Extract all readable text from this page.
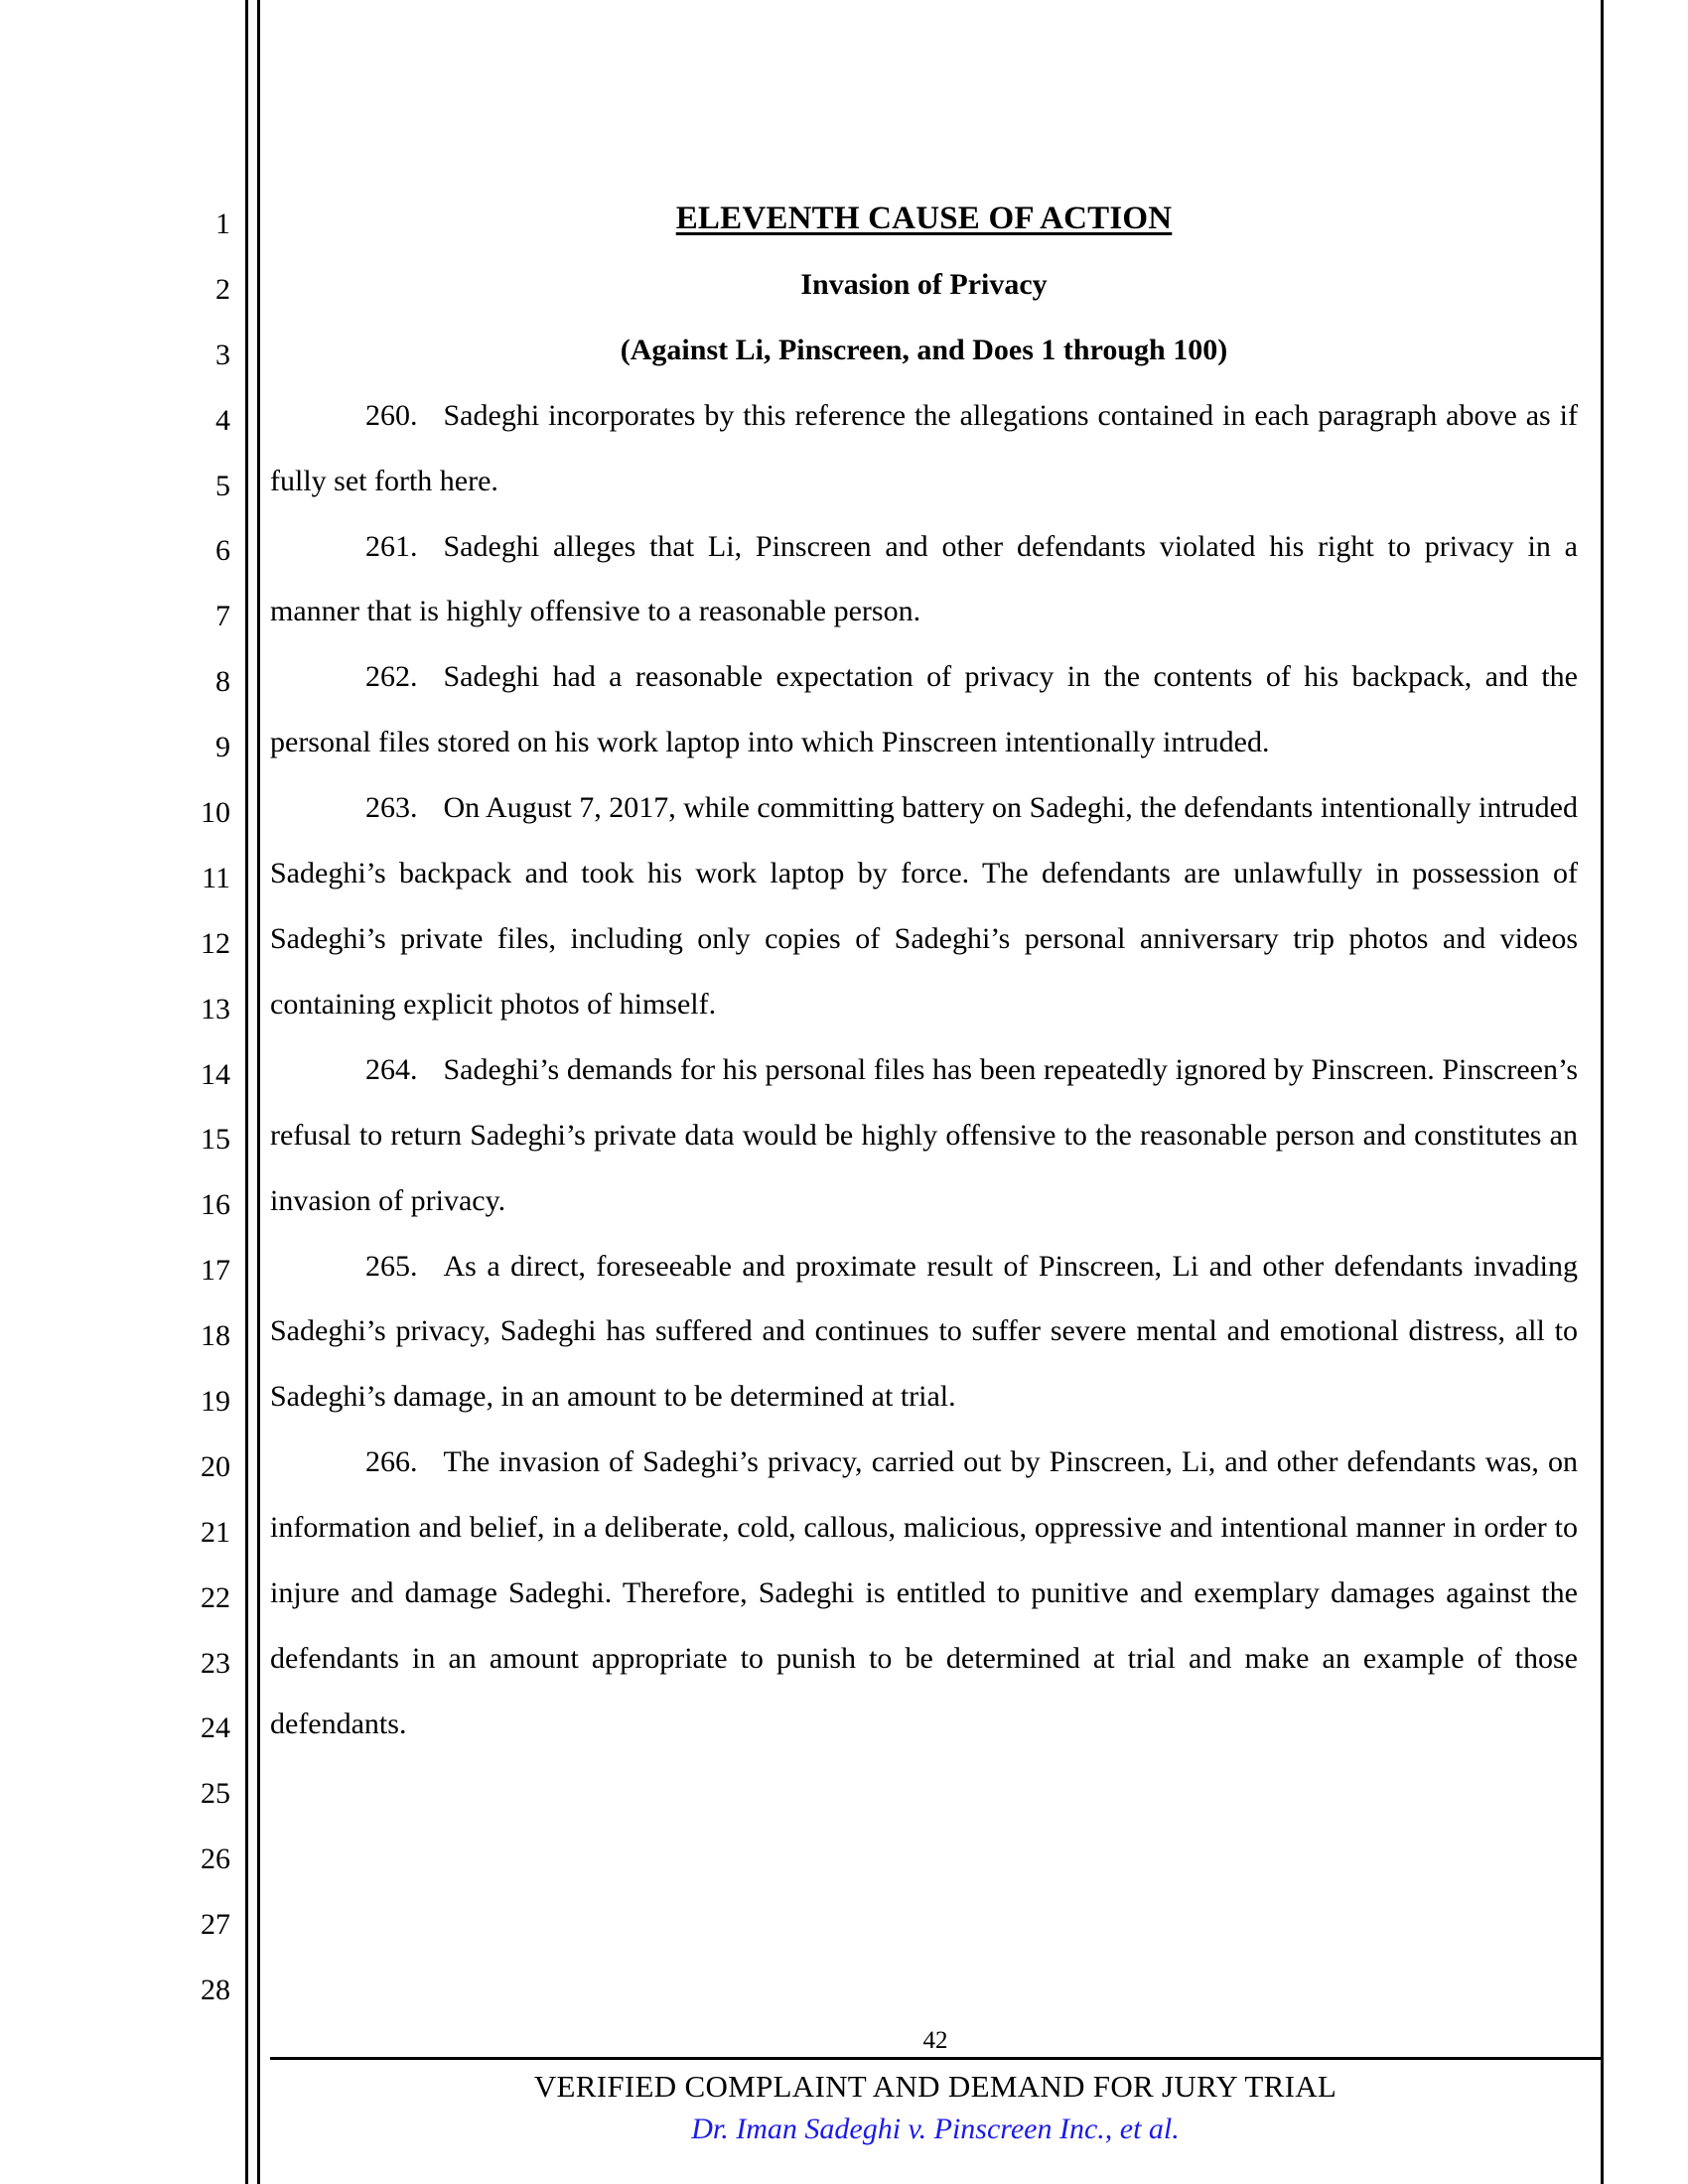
1
2
3
4
5
6
7
8
9
10
11
12
13
14
15
16
17
18
19
20
21
22
23
24
25
26
27
28
ELEVENTH CAUSE OF ACTION
Invasion of Privacy
(Against Li, Pinscreen, and Does 1 through 100)

260. Sadeghi incorporates by this reference the allegations contained in each paragraph above as if fully set forth here.

261. Sadeghi alleges that Li, Pinscreen and other defendants violated his right to privacy in a manner that is highly offensive to a reasonable person.

262. Sadeghi had a reasonable expectation of privacy in the contents of his backpack, and the personal files stored on his work laptop into which Pinscreen intentionally intruded.

263. On August 7, 2017, while committing battery on Sadeghi, the defendants intentionally intruded Sadeghi’s backpack and took his work laptop by force. The defendants are unlawfully in possession of Sadeghi’s private files, including only copies of Sadeghi’s personal anniversary trip photos and videos containing explicit photos of himself.

264. Sadeghi’s demands for his personal files has been repeatedly ignored by Pinscreen. Pinscreen’s refusal to return Sadeghi’s private data would be highly offensive to the reasonable person and constitutes an invasion of privacy.

265. As a direct, foreseeable and proximate result of Pinscreen, Li and other defendants invading Sadeghi’s privacy, Sadeghi has suffered and continues to suffer severe mental and emotional distress, all to Sadeghi’s damage, in an amount to be determined at trial.

266. The invasion of Sadeghi’s privacy, carried out by Pinscreen, Li, and other defendants was, on information and belief, in a deliberate, cold, callous, malicious, oppressive and intentional manner in order to injure and damage Sadeghi. Therefore, Sadeghi is entitled to punitive and exemplary damages against the defendants in an amount appropriate to punish to be determined at trial and make an example of those defendants.

42
VERIFIED COMPLAINT AND DEMAND FOR JURY TRIAL
Dr. Iman Sadeghi v. Pinscreen Inc., et al.
